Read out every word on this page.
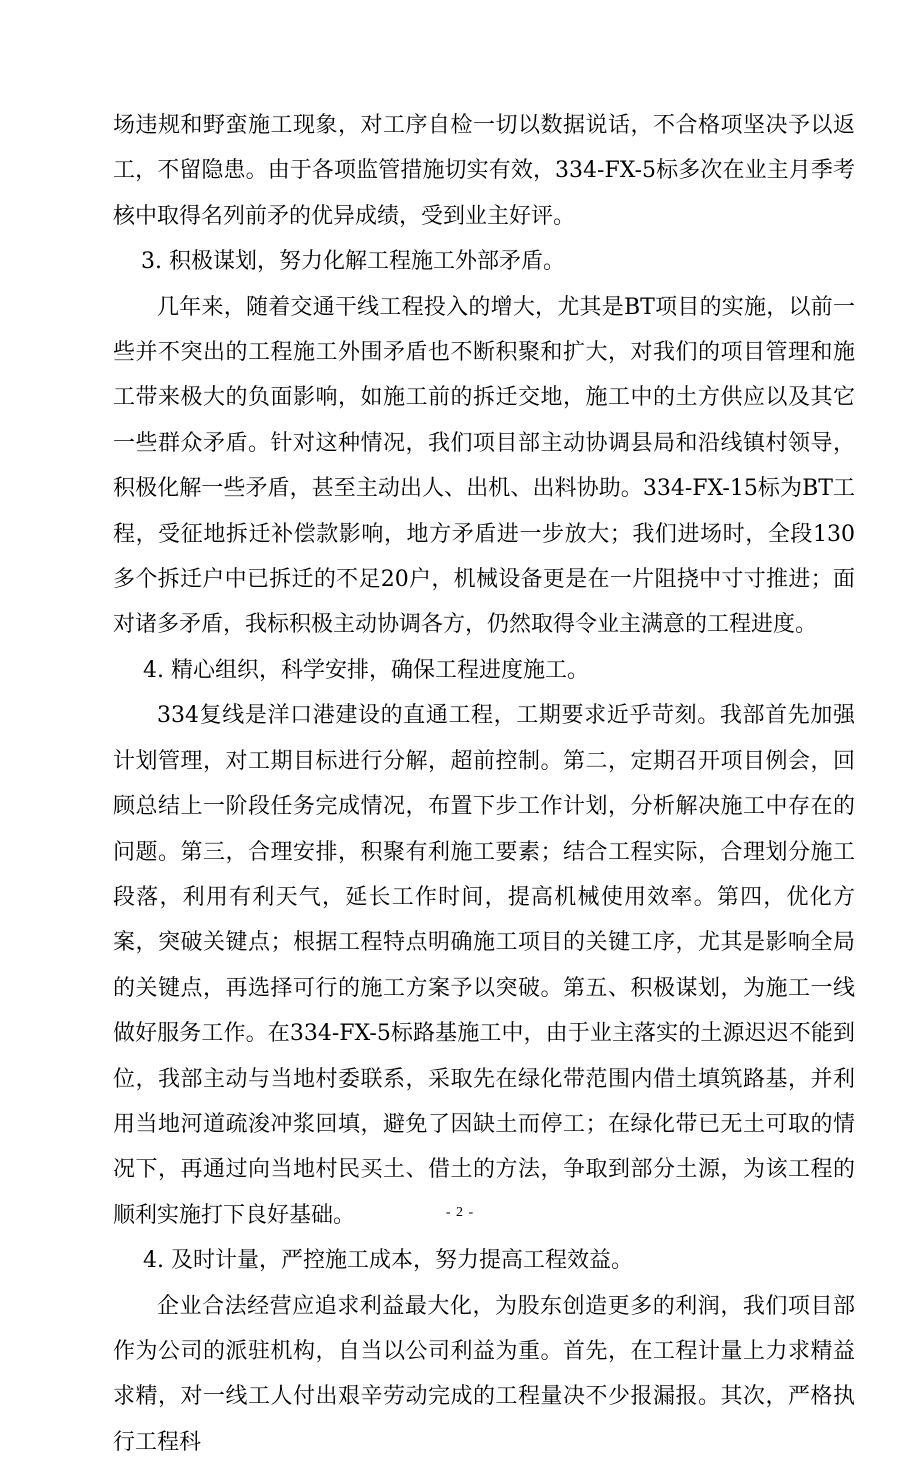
场违规和野蛮施工现象，对工序自检一切以数据说话，不合格项坚决予以返工，不留隐患。由于各项监管措施切实有效，334-FX-5标多次在业主月季考核中取得名列前矛的优异成绩，受到业主好评。

3. 积极谋划，努力化解工程施工外部矛盾。

几年来，随着交通干线工程投入的增大，尤其是BT项目的实施，以前一些并不突出的工程施工外围矛盾也不断积聚和扩大，对我们的项目管理和施工带来极大的负面影响，如施工前的拆迁交地，施工中的土方供应以及其它一些群众矛盾。针对这种情况，我们项目部主动协调县局和沿线镇村领导，积极化解一些矛盾，甚至主动出人、出机、出料协助。334-FX-15标为BT工程，受征地拆迁补偿款影响，地方矛盾进一步放大；我们进场时，全段130多个拆迁户中已拆迁的不足20户，机械设备更是在一片阻挠中寸寸推进；面对诸多矛盾，我标积极主动协调各方，仍然取得令业主满意的工程进度。

4. 精心组织，科学安排，确保工程进度施工。

334复线是洋口港建设的直通工程，工期要求近乎苛刻。我部首先加强计划管理，对工期目标进行分解，超前控制。第二，定期召开项目例会，回顾总结上一阶段任务完成情况，布置下步工作计划，分析解决施工中存在的问题。第三，合理安排，积聚有利施工要素；结合工程实际，合理划分施工段落，利用有利天气，延长工作时间，提高机械使用效率。第四，优化方案，突破关键点；根据工程特点明确施工项目的关键工序，尤其是影响全局的关键点，再选择可行的施工方案予以突破。第五、积极谋划，为施工一线做好服务工作。在334-FX-5标路基施工中，由于业主落实的土源迟迟不能到位，我部主动与当地村委联系，采取先在绿化带范围内借土填筑路基，并利用当地河道疏浚冲浆回填，避免了因缺土而停工；在绿化带已无土可取的情况下，再通过向当地村民买土、借土的方法，争取到部分土源，为该工程的顺利实施打下良好基础。

4. 及时计量，严控施工成本，努力提高工程效益。

企业合法经营应追求利益最大化，为股东创造更多的利润，我们项目部作为公司的派驻机构，自当以公司利益为重。首先，在工程计量上力求精益求精，对一线工人付出艰辛劳动完成的工程量决不少报漏报。其次，严格执行工程科

- 2 -
